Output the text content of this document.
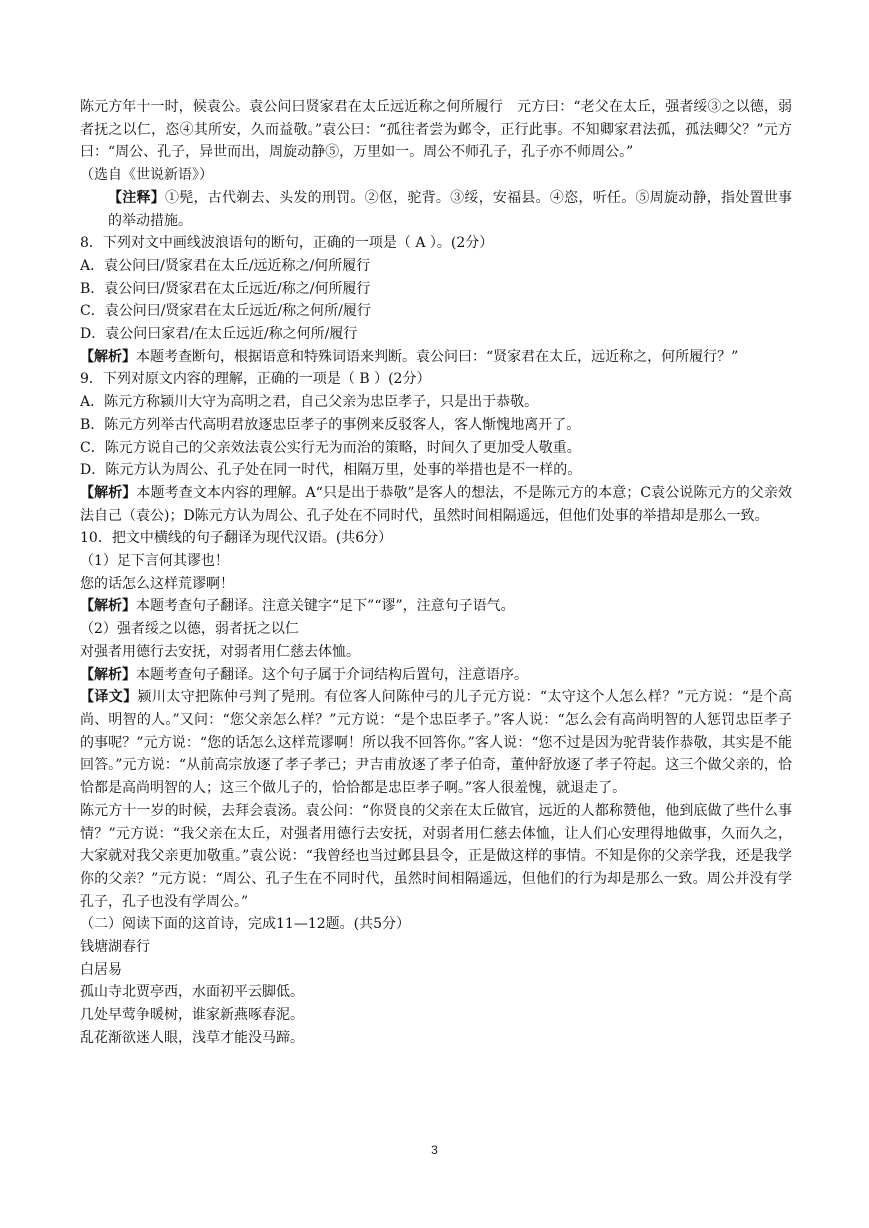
陈元方年十一时，候袁公。袁公问曰贤家君在太丘远近称之何所履行　元方曰：“老父在太丘，强者绥③之以德，弱者抚之以仁，恣④其所安，久而益敬。”袁公曰：“孤往者尝为邺令，正行此事。不知卿家君法孤，孤法卿父？”元方曰：“周公、孔子，异世而出，周旋动静⑤，万里如一。周公不师孔子，孔子亦不师周公。”

（选自《世说新语》）

【注释】①髡，古代剃去、头发的刑罚。②伛，驼背。③绥，安福县。④恣，听任。⑤周旋动静，指处置世事的举动措施。

8．下列对文中画线波浪语句的断句，正确的一项是（ A ）。(2分）

A．袁公问曰/贤家君在太丘/远近称之/何所履行

B．袁公问曰/贤家君在太丘远近/称之/何所履行

C．袁公问曰/贤家君在太丘远近/称之何所/履行

D．袁公问曰家君/在太丘远近/称之何所/履行

【解析】本题考查断句，根据语意和特殊词语来判断。袁公问曰：“贤家君在太丘，远近称之，何所履行？”

9．下列对原文内容的理解，正确的一项是（ B ）(2分）

A．陈元方称颍川大守为高明之君，自己父亲为忠臣孝子，只是出于恭敬。

B．陈元方列举古代高明君放逐忠臣孝子的事例来反驳客人，客人惭愧地离开了。

C．陈元方说自己的父亲效法袁公实行无为而治的策略，时间久了更加受人敬重。

D．陈元方认为周公、孔子处在同一时代，相隔万里，处事的举措也是不一样的。

【解析】本题考查文本内容的理解。A“只是出于恭敬”是客人的想法，不是陈元方的本意；C袁公说陈元方的父亲效法自己（袁公)；D陈元方认为周公、孔子处在不同时代，虽然时间相隔遥远，但他们处事的举措却是那么一致。

10．把文中横线的句子翻译为现代汉语。(共6分）

（1）足下言何其谬也！

您的话怎么这样荒谬啊！

【解析】本题考查句子翻译。注意关键字“足下”“谬”，注意句子语气。

（2）强者绥之以德，弱者抚之以仁

对强者用德行去安抚，对弱者用仁慈去体恤。

【解析】本题考查句子翻译。这个句子属于介词结构后置句，注意语序。

【译文】颍川太守把陈仲弓判了髡刑。有位客人问陈仲弓的儿子元方说：“太守这个人怎么样？”元方说：“是个高尚、明智的人。”又问：“您父亲怎么样？”元方说：“是个忠臣孝子。”客人说：“怎么会有高尚明智的人惩罚忠臣孝子的事呢？”元方说：“您的话怎么这样荒谬啊！所以我不回答你。”客人说：“您不过是因为驼背装作恭敬，其实是不能回答。”元方说：“从前高宗放逐了孝子孝己；尹吉甫放逐了孝子伯奇，董仲舒放逐了孝子符起。这三个做父亲的，恰恰都是高尚明智的人；这三个做儿子的，恰恰都是忠臣孝子啊。”客人很羞愧，就退走了。

陈元方十一岁的时候，去拜会袁汤。袁公问：“你贤良的父亲在太丘做官，远近的人都称赞他，他到底做了些什么事情？”元方说：“我父亲在太丘，对强者用德行去安抚，对弱者用仁慈去体恤，让人们心安理得地做事，久而久之，大家就对我父亲更加敬重。”袁公说：“我曾经也当过邺县县令，正是做这样的事情。不知是你的父亲学我，还是我学你的父亲？”元方说：“周公、孔子生在不同时代，虽然时间相隔遥远，但他们的行为却是那么一致。周公并没有学孔子，孔子也没有学周公。”

（二）阅读下面的这首诗，完成11—12题。(共5分）

钱塘湖春行

白居易

孤山寺北贾亭西，水面初平云脚低。

几处早莺争暖树，谁家新燕啄春泥。

乱花渐欲迷人眼，浅草才能没马蹄。

3
